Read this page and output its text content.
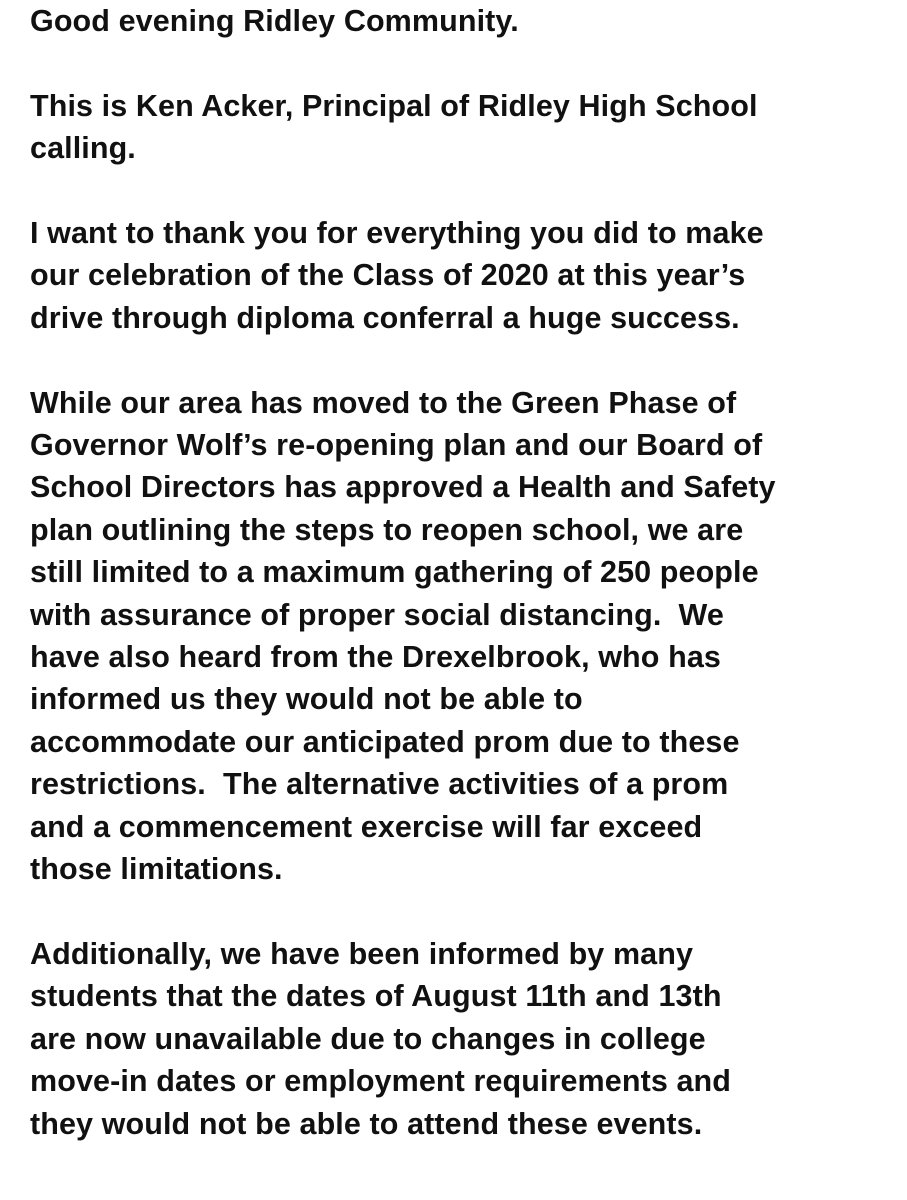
Good evening Ridley Community.
This is Ken Acker, Principal of Ridley High School
calling.
I want to thank you for everything you did to make
our celebration of the Class of 2020 at this year’s
drive through diploma conferral a huge success.
While our area has moved to the Green Phase of
Governor Wolf’s re-opening plan and our Board of
School Directors has approved a Health and Safety
plan outlining the steps to reopen school, we are
still limited to a maximum gathering of 250 people
with assurance of proper social distancing.  We
have also heard from the Drexelbrook, who has
informed us they would not be able to
accommodate our anticipated prom due to these
restrictions.  The alternative activities of a prom
and a commencement exercise will far exceed
those limitations.
Additionally, we have been informed by many
students that the dates of August 11th and 13th
are now unavailable due to changes in college
move-in dates or employment requirements and
they would not be able to attend these events.
